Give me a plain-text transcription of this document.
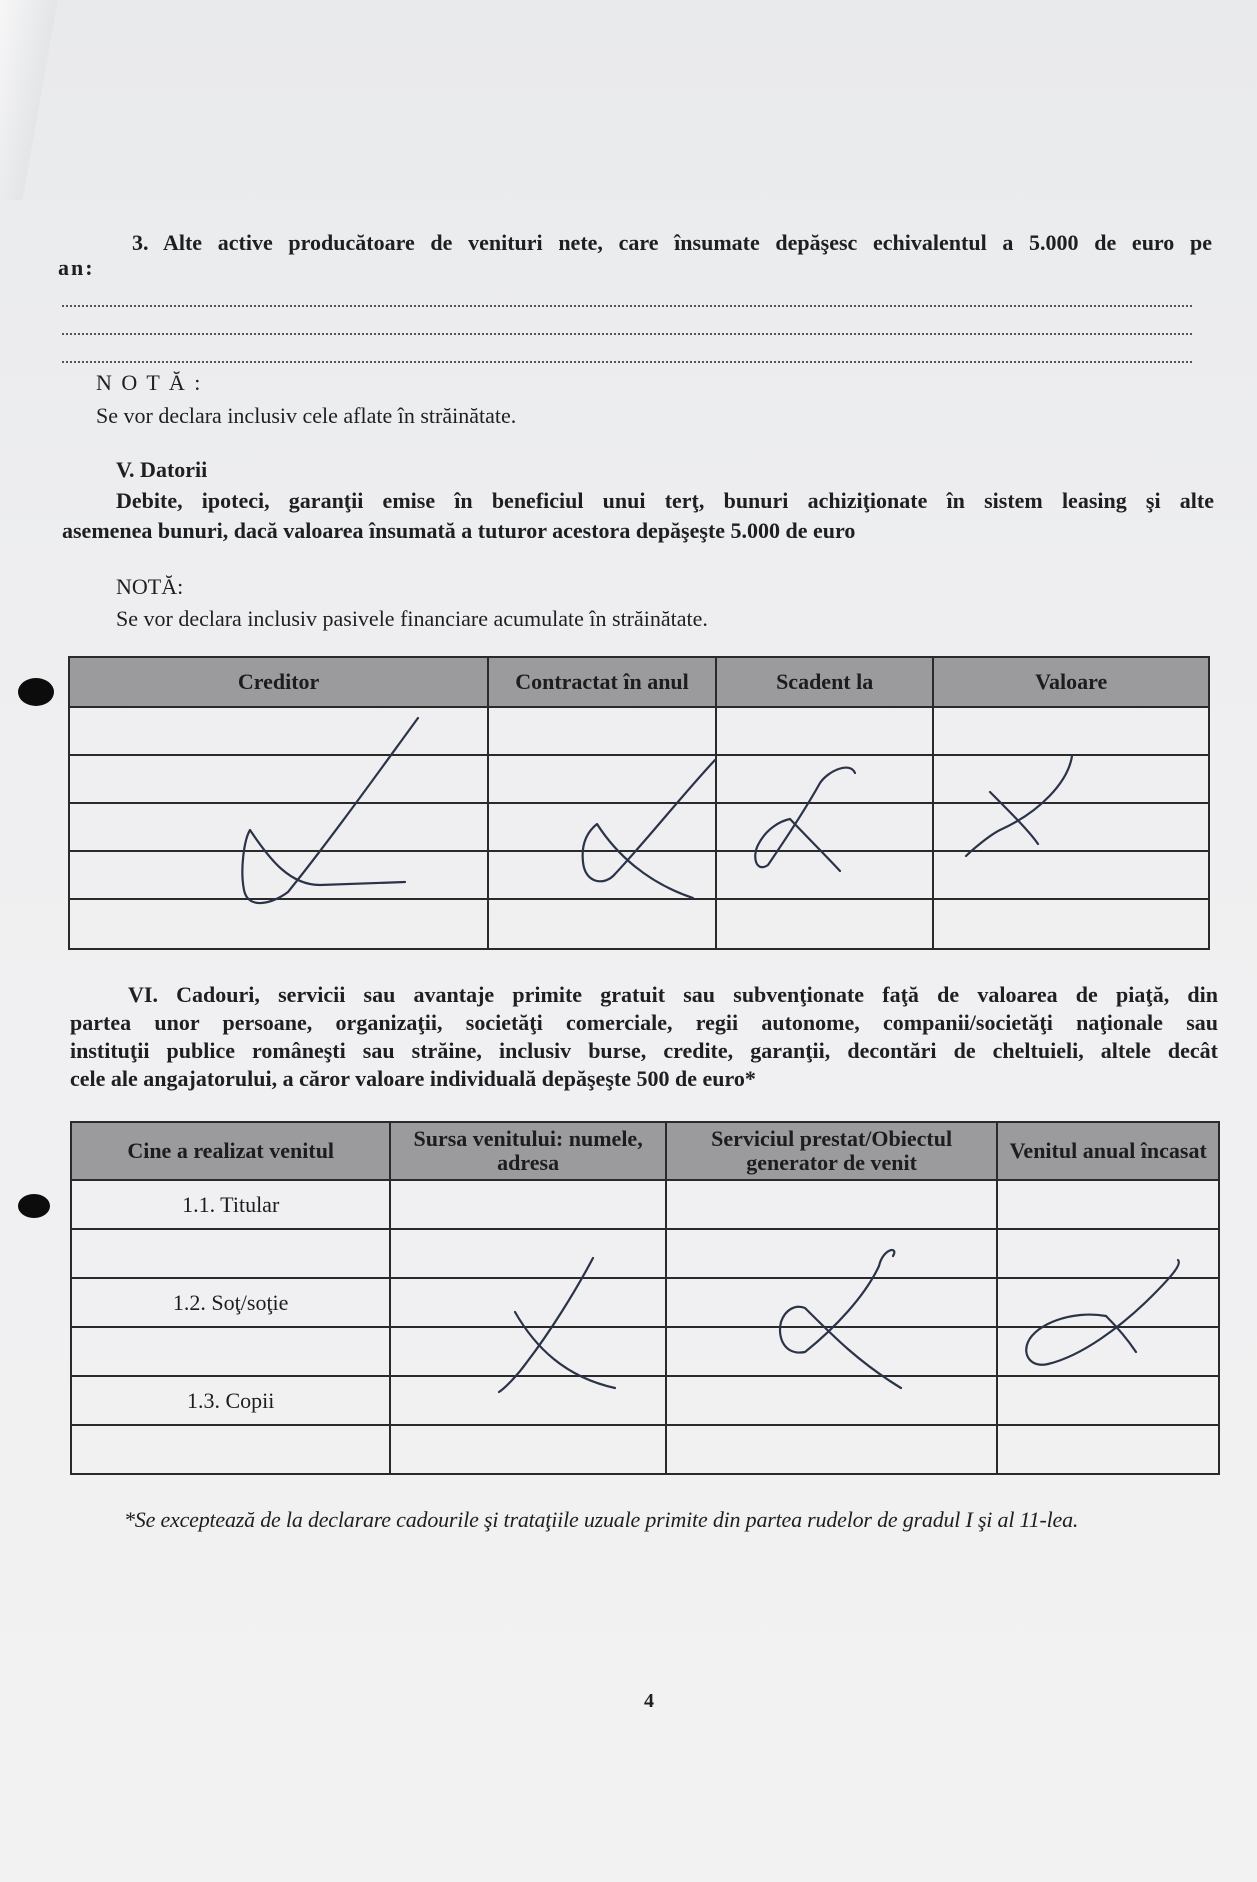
3. Alte active producătoare de venituri nete, care însumate depăşesc echivalentul a 5.000 de euro pe
an:
N O T Ă :
Se vor declara inclusiv cele aflate în străinătate.
V. Datorii
Debite, ipoteci, garanţii emise în beneficiul unui terţ, bunuri achiziţionate în sistem leasing şi alte
asemenea bunuri, dacă valoarea însumată a tuturor acestora depăşeşte 5.000 de euro
NOTĂ:
Se vor declara inclusiv pasivele financiare acumulate în străinătate.
Creditor	Contractat în anul	Scadent la	Valoare

VI. Cadouri, servicii sau avantaje primite gratuit sau subvenţionate faţă de valoarea de piaţă, din
partea unor persoane, organizaţii, societăţi comerciale, regii autonome, companii/societăţi naţionale sau
instituţii publice româneşti sau străine, inclusiv burse, credite, garanţii, decontări de cheltuieli, altele decât
cele ale angajatorului, a căror valoare individuală depăşeşte 500 de euro*
Cine a realizat venitul	Sursa venitului: numele, adresa	Serviciul prestat/Obiectul generator de venit	Venitul anual încasat
1.1. Titular			

1.2. Soţ/soţie			

1.3. Copii			

*Se exceptează de la declarare cadourile şi trataţiile uzuale primite din partea rudelor de gradul I şi al 11-lea.
4
